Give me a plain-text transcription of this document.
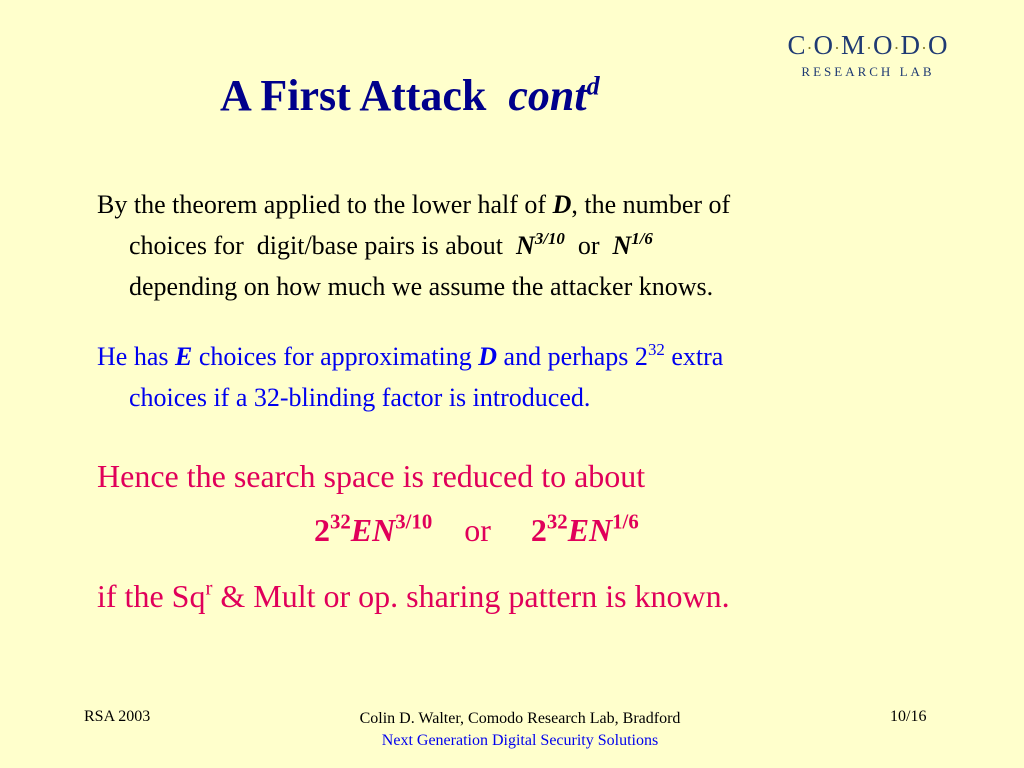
C·O·M·O·D·O
RESEARCH LAB
A First Attack cont$^d$
By the theorem applied to the lower half of D, the number of
choices for  digit/base pairs is about  $N^{3/10}$  or  $N^{1/6}$
depending on how much we assume the attacker knows.
He has E choices for approximating D and perhaps $2^{32}$ extra
choices if a 32-blinding factor is introduced.
Hence the search space is reduced to about
$2^{32}EN^{3/10}$ or $2^{32}EN^{1/6}$
if the Sq$^r$ & Mult or op. sharing pattern is known.
RSA 2003	Colin D. Walter, Comodo Research Lab, Bradford
Next Generation Digital Security Solutions
10/16
